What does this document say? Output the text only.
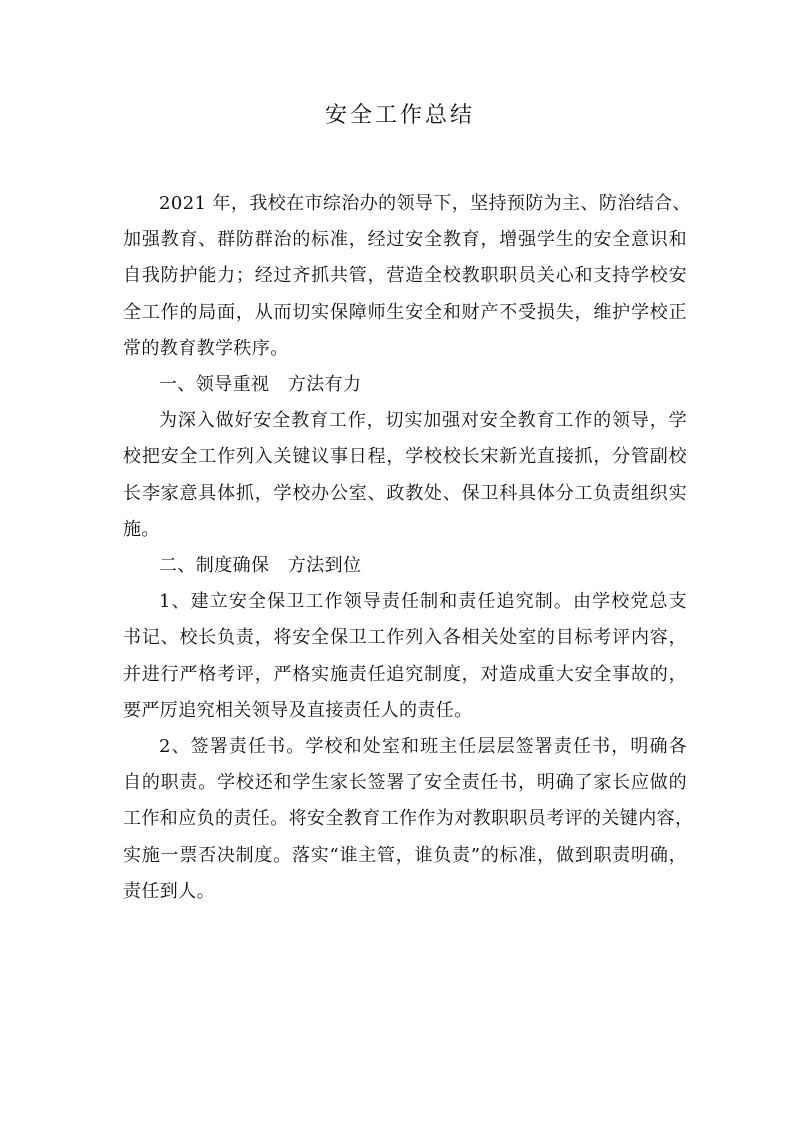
安全工作总结

2021 年，我校在市综治办的领导下，坚持预防为主、防治结合、
加强教育、群防群治的标准，经过安全教育，增强学生的安全意识和
自我防护能力；经过齐抓共管，营造全校教职职员关心和支持学校安
全工作的局面，从而切实保障师生安全和财产不受损失，维护学校正
常的教育教学秩序。

一、领导重视　方法有力

为深入做好安全教育工作，切实加强对安全教育工作的领导，学
校把安全工作列入关键议事日程，学校校长宋新光直接抓，分管副校
长李家意具体抓，学校办公室、政教处、保卫科具体分工负责组织实
施。

二、制度确保　方法到位

1、建立安全保卫工作领导责任制和责任追究制。由学校党总支
书记、校长负责，将安全保卫工作列入各相关处室的目标考评内容，
并进行严格考评，严格实施责任追究制度，对造成重大安全事故的，
要严厉追究相关领导及直接责任人的责任。

2、签署责任书。学校和处室和班主任层层签署责任书，明确各
自的职责。学校还和学生家长签署了安全责任书，明确了家长应做的
工作和应负的责任。将安全教育工作作为对教职职员考评的关键内容，
实施一票否决制度。落实“谁主管，谁负责”的标准，做到职责明确，
责任到人。
